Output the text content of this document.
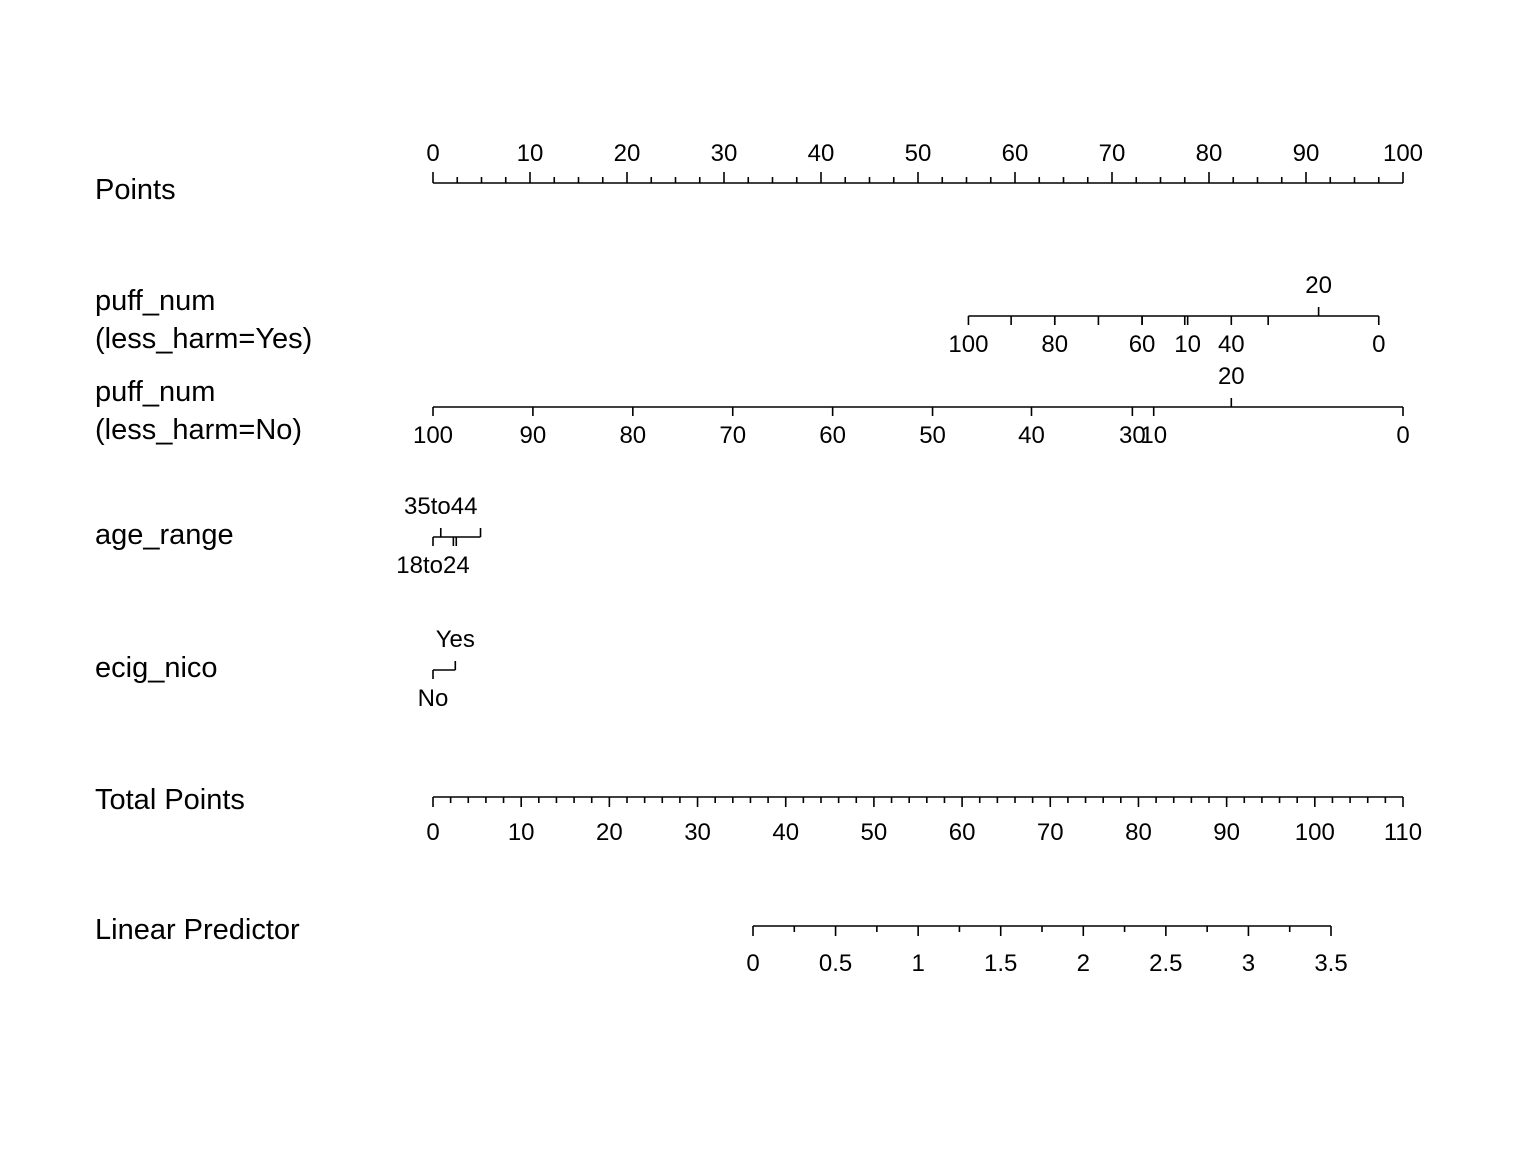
Points
0	10	20	30	40	50	60	70	80	90	100
puff_num
(less_harm=Yes)	100 80	60 10 40	0
20
puff_num
(less_harm=No)	100	90	80	70	60	50	40	30
10	0
20
age_range
35to44
18to24
ecig_nico
Yes
No
Total Points
0	10	20	30	40	50	60	70	80	90 100 110
Linear Predictor
0 0.5 1 1.5 2 2.5 3 3.5
